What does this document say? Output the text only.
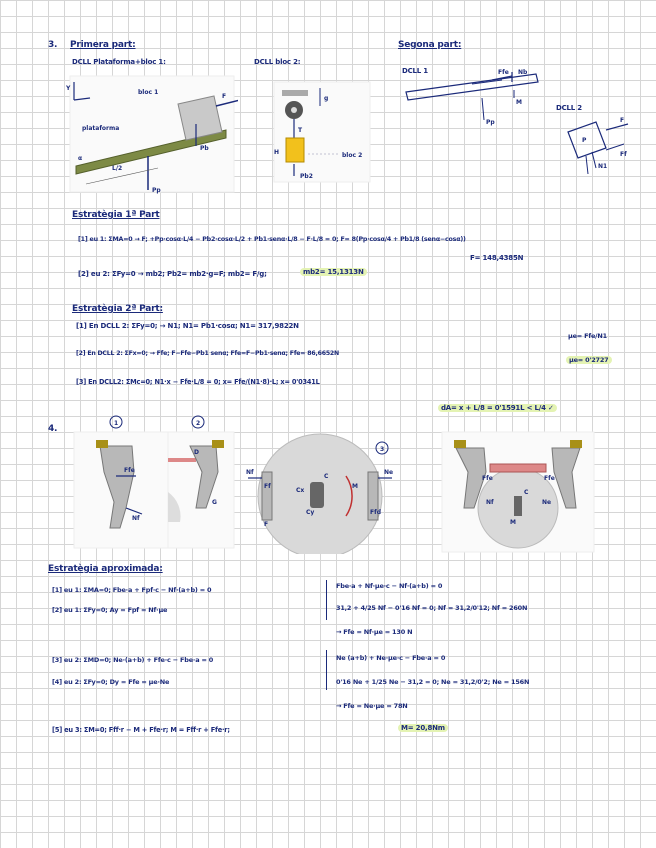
3. Primera part:	Segona part:
DCLL Plataforma+bloc 1:	DCLL bloc 2:
DCLL 1
DCLL 2
Y
bloc 1
plataforma
F
Pp
Pb
L/2
α
g
T
H	bloc 2
Pb2
Ffe Nb
M
Pp
P
F
Ff
N1
Estratègia 1ª Part
[1] eu 1: ΣMA=0 → F; +Pp·cosα·L/4 − Pb2·cosα·L/2 + Pb1·senα·L/8 − F·L/8 = 0; F= 8(Pp·cosα/4 + Pb1/8 (senα−cosα))
F= 148,4385N
[2] eu 2: ΣFy=0 → mb2; Pb2= mb2·g=F; mb2= F/g;	mb2= 15,1313N
Estratègia 2ª Part:
[1] En DCLL 2: ΣFy=0; → N1; N1= Pb1·cosα; N1= 317,9822N
[2] En DCLL 2: ΣFx=0; → Ffe; F−Ffe−Pb1 senα; Ffe=F−Pb1·senα; Ffe= 86,6652N
μe= Ffe/N1
μe= 0'2727
[3] En DCLL2: ΣMc=0; N1·x − Ffe·L/8 = 0; x= Ffe/(N1·8)·L; x= 0'0341L
dA= x + L/8 = 0'1591L < L/4 ✓
4.
1	2
3
Ffe
Nf
D
G
Nf
Ff
F
Ne
Ffd
C
M
Cx
Cy
Ffe	Ffe
Nf	Ne
M
C
Estratègia aproximada:
[1] eu 1: ΣMA=0; Fbe·a + Fpf·c − Nf·(a+b) = 0
[2] eu 1: ΣFy=0; Ay = Fpf = Nf·μe
[3] eu 2: ΣMD=0; Ne·(a+b) + Ffe·c − Fbe·a = 0
[4] eu 2: ΣFy=0; Dy = Ffe = μe·Ne
Fbe·a + Nf·μe·c − Nf·(a+b) = 0
31,2 + 4/25 Nf − 0'16 Nf = 0; Nf = 31,2/0'12; Nf = 260N
→ Ffe = Nf·μe = 130 N
Ne (a+b) + Ne·μe·c − Fbe·a = 0
0'16 Ne + 1/25 Ne − 31,2 = 0; Ne = 31,2/0'2; Ne = 156N
→ Ffe = Ne·μe = 78N
[5] eu 3: ΣM=0; Fff·r − M + Ffe·r; M = Fff·r + Ffe·r;	M= 20,8Nm
